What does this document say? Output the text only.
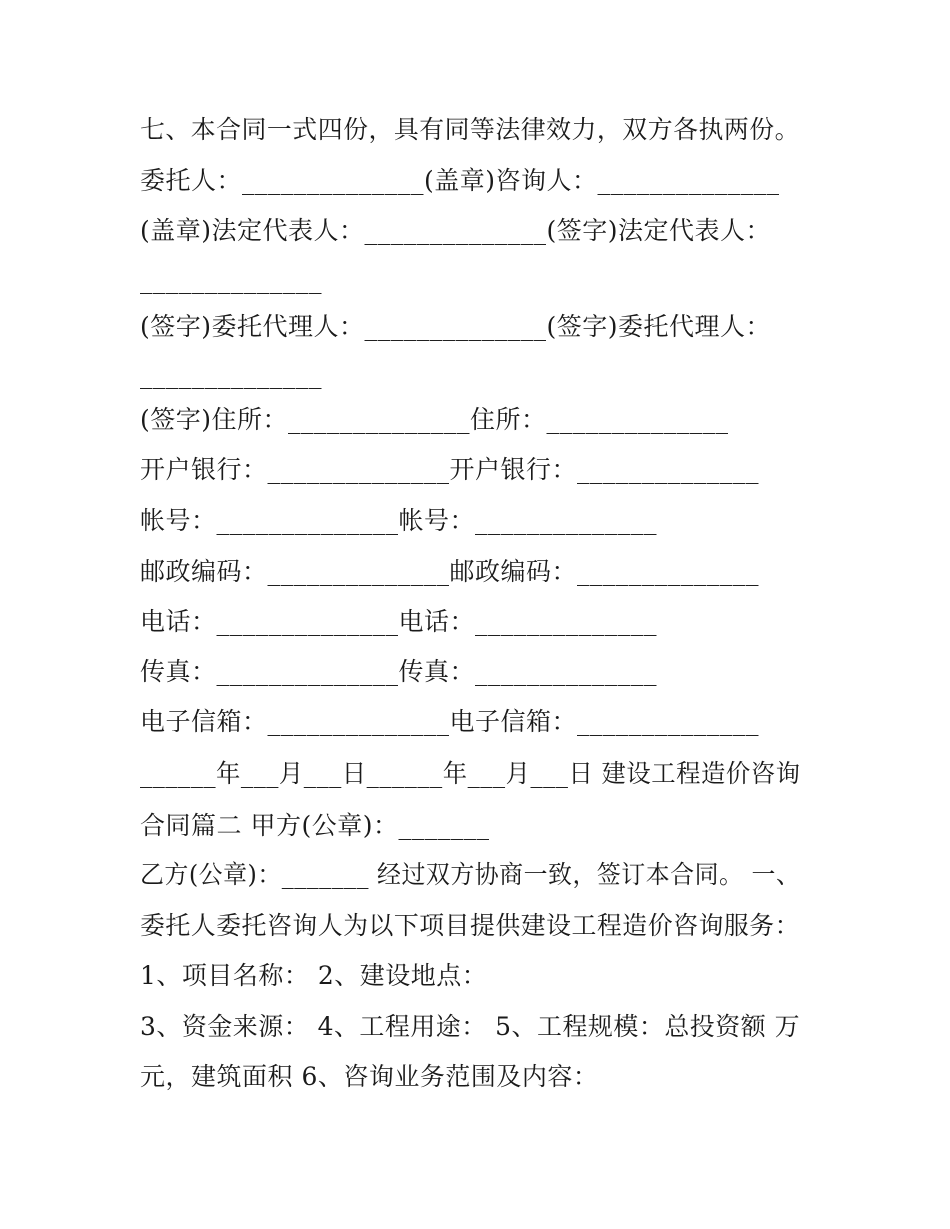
七、本合同一式四份，具有同等法律效力，双方各执两份。
委托人：______________(盖章)咨询人：______________
(盖章)法定代表人：______________(签字)法定代表人：
______________
(签字)委托代理人：______________(签字)委托代理人：
______________
(签字)住所：______________住所：______________
开户银行：______________开户银行：______________
帐号：______________帐号：______________
邮政编码：______________邮政编码：______________
电话：______________电话：______________
传真：______________传真：______________
电子信箱：______________电子信箱：______________
______年___月___日______年___月___日 建设工程造价咨询
合同篇二 甲方(公章)：_______
乙方(公章)：_______ 经过双方协商一致，签订本合同。 一、
委托人委托咨询人为以下项目提供建设工程造价咨询服务：
1、项目名称： 2、建设地点：
3、资金来源： 4、工程用途： 5、工程规模：总投资额 万
元，建筑面积 6、咨询业务范围及内容：
